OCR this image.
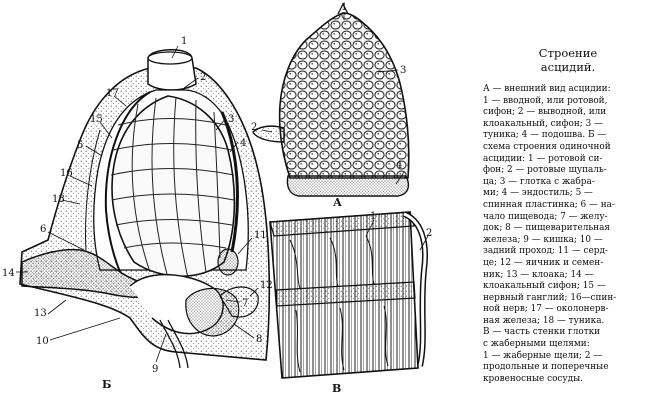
1
2
3
4
А
1
2
3
4
5
6
7
8
9
10
11
12
13
14
15
16
17
18
Б
1
2
В
Строение
асцидий.

А — внешний вид асцидии:

1 — вводной, или ротовой,

сифон; 2 — выводной, или

клоакальный, сифон; 3 —

туника; 4 — подошва. Б —

схема строения одиночной

асцидии: 1 — ротовой си-

фон; 2 — ротовые щупаль-

ца; 3 — глотка с жабра-

ми; 4 — эндостиль; 5 —

спинная пластинка; 6 — на-

чало пищевода; 7 — желу-

док; 8 — пищеварительная

железа; 9 — кишка; 10 —

задний проход; 11 — серд-

це; 12 — яичник и семен-

ник; 13 — клоака; 14 —

клоакальный сифон; 15 —

нервный ганглий; 16—спин-

ной нерв; 17 — околонерв-

ная железа; 18 — туника.

В — часть стенки глотки

с жаберными щелями:

1 — жаберные щели; 2 —

продольные и поперечные

кровеносные сосуды.
